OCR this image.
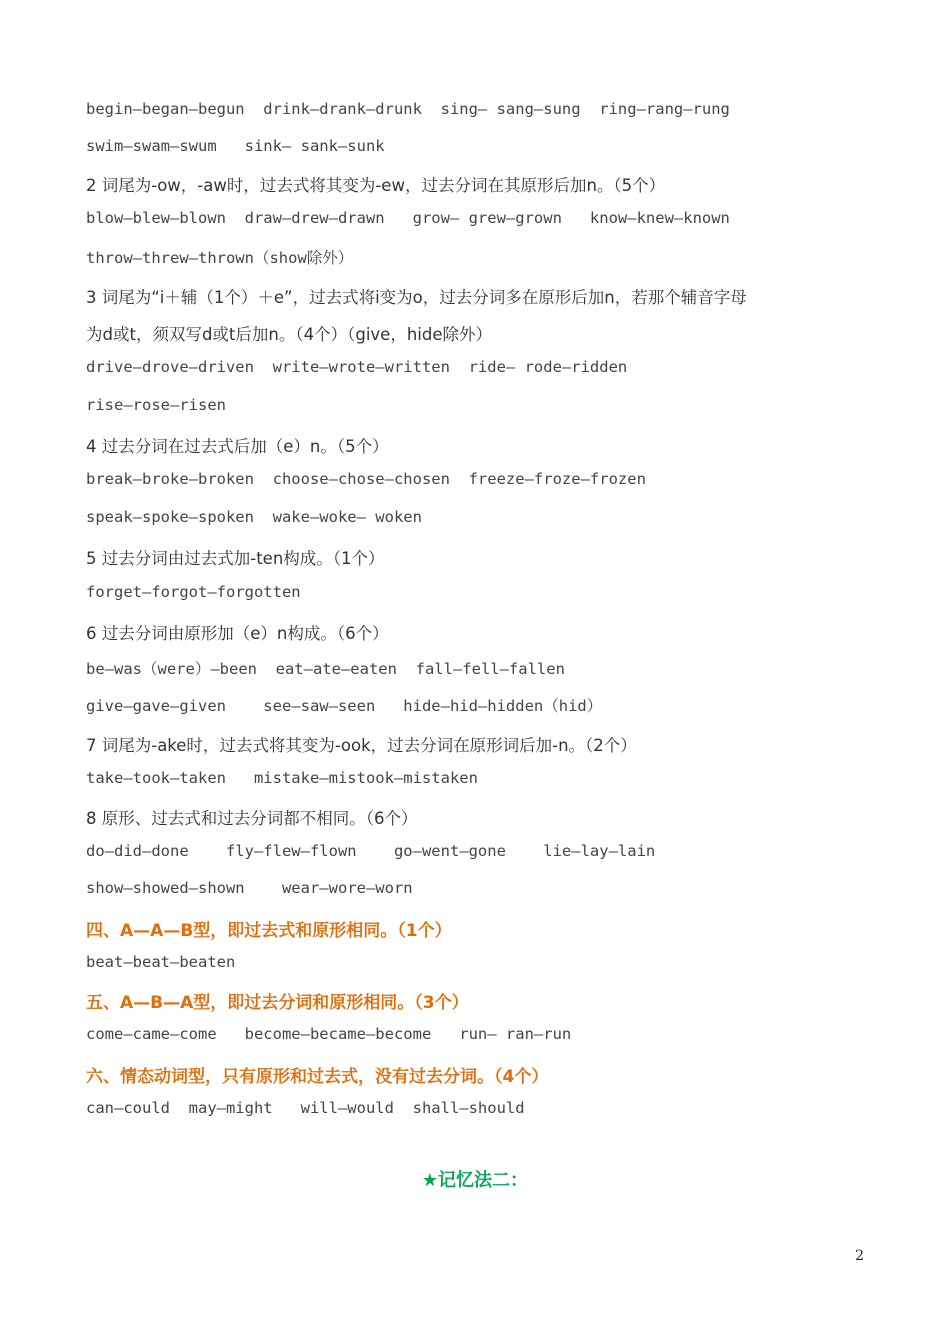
begin—began—begun  drink—drank—drunk  sing— sang—sung  ring—rang—rung
swim—swam—swum   sink— sank—sunk
2 词尾为-ow，-aw时，过去式将其变为-ew，过去分词在其原形后加n。（5个）
blow—blew—blown  draw—drew—drawn   grow— grew—grown   know—knew—known
throw—threw—thrown（show除外）
3 词尾为“i＋辅（1个）＋e”，过去式将i变为o，过去分词多在原形后加n，若那个辅音字母
为d或t，须双写d或t后加n。（4个）（give，hide除外）
drive—drove—driven  write—wrote—written  ride— rode—ridden
rise—rose—risen
4 过去分词在过去式后加（e）n。（5个）
break—broke—broken  choose—chose—chosen  freeze—froze—frozen
speak—spoke—spoken  wake—woke— woken
5 过去分词由过去式加-ten构成。（1个）
forget—forgot—forgotten
6 过去分词由原形加（e）n构成。（6个）
be—was（were）—been  eat—ate—eaten  fall—fell—fallen
give—gave—given    see—saw—seen   hide—hid—hidden（hid）
7 词尾为-ake时，过去式将其变为-ook，过去分词在原形词后加-n。（2个）
take—took—taken   mistake—mistook—mistaken
8 原形、过去式和过去分词都不相同。（6个）
do—did—done    fly—flew—flown    go—went—gone    lie—lay—lain
show—showed—shown    wear—wore—worn
四、A—A—B型，即过去式和原形相同。（1个）
beat—beat—beaten
五、A—B—A型，即过去分词和原形相同。（3个）
come—came—come   become—became—become   run— ran—run
六、情态动词型，只有原形和过去式，没有过去分词。（4个）
can—could  may—might   will—would  shall—should
★记忆法二：
2
